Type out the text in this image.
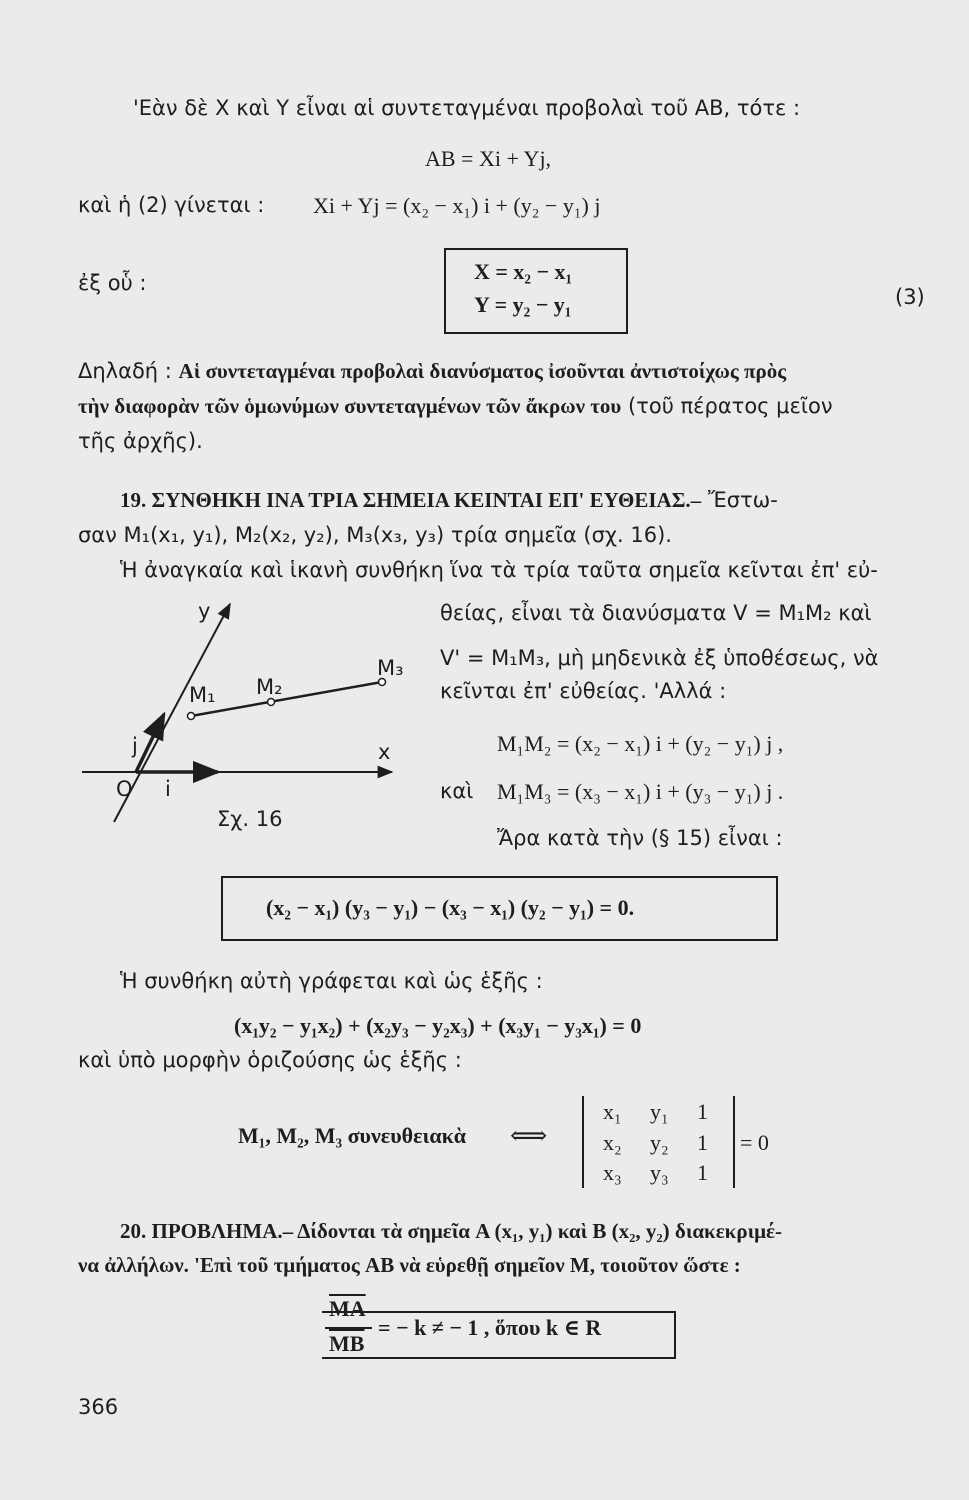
'Εὰν δὲ X καὶ Y εἶναι αἱ συντεταγμέναι προβολαὶ τοῦ AB, τότε :
AB = Xi + Yj,
καὶ ἡ (2) γίνεται : Xi + Yj = (x₂ − x₁) i + (y₂ − y₁) j
ἐξ οὗ :	X = x₂ − x₁
Y = y₂ − y₁	(3)
Δηλαδή : Αἱ συντεταγμέναι προβολαὶ διανύσματος ἰσοῦνται ἀντιστοίχως πρὸς
τὴν διαφορὰν τῶν ὁμωνύμων συντεταγμένων τῶν ἄκρων του (τοῦ πέρατος μεῖον
τῆς ἀρχῆς).
19. ΣΥΝΘΗΚΗ ΙΝΑ ΤΡΙΑ ΣΗΜΕΙΑ ΚΕΙΝΤΑΙ ΕΠ' ΕΥΘΕΙΑΣ.– Ἔστω-
σαν M₁(x₁, y₁), M₂(x₂, y₂), M₃(x₃, y₃) τρία σημεῖα (σχ. 16).
Ἡ ἀναγκαία καὶ ἱκανὴ συνθήκη ἵνα τὰ τρία ταῦτα σημεῖα κεῖνται ἐπ' εὐ-
θείας, εἶναι τὰ διανύσματα V = M₁M₂ καὶ
V' = M₁M₃, μὴ μηδενικὰ ἐξ ὑποθέσεως, νὰ
κεῖνται ἐπ' εὐθείας. 'Αλλά :
M₁M₂ = (x₂ − x₁) i + (y₂ − y₁) j ,
καὶ M₁M₃ = (x₃ − x₁) i + (y₃ − y₁) j .
Ἄρα κατὰ τὴν (§ 15) εἶναι :
y
x
O i
j
M₁ M₂
M₃
Σχ. 16
(x₂ − x₁) (y₃ − y₁) − (x₃ − x₁) (y₂ − y₁) = 0.
Ἡ συνθήκη αὐτὴ γράφεται καὶ ὡς ἑξῆς :
(x₁y₂ − y₁x₂) + (x₂y₃ − y₂x₃) + (x₃y₁ − y₃x₁) = 0
καὶ ὑπὸ μορφὴν ὁριζούσης ὡς ἑξῆς :
M₁, M₂, M₃ συνευθειακὰ ⟺
x₁ y₁ 1
x₂ y₂ 1
x₃ y₃ 1
= 0
20. ΠΡΟΒΛΗΜΑ.– Δίδονται τὰ σημεῖα A (x₁, y₁) καὶ B (x₂, y₂) διακεκριμέ-
να ἀλλήλων. 'Επὶ τοῦ τμήματος AB νὰ εὑρεθῇ σημεῖον M, τοιοῦτον ὥστε :
$\overline{MA}$
$\overline{MB}$
= − k ≠ − 1 , ὅπου k ∈ R
366
